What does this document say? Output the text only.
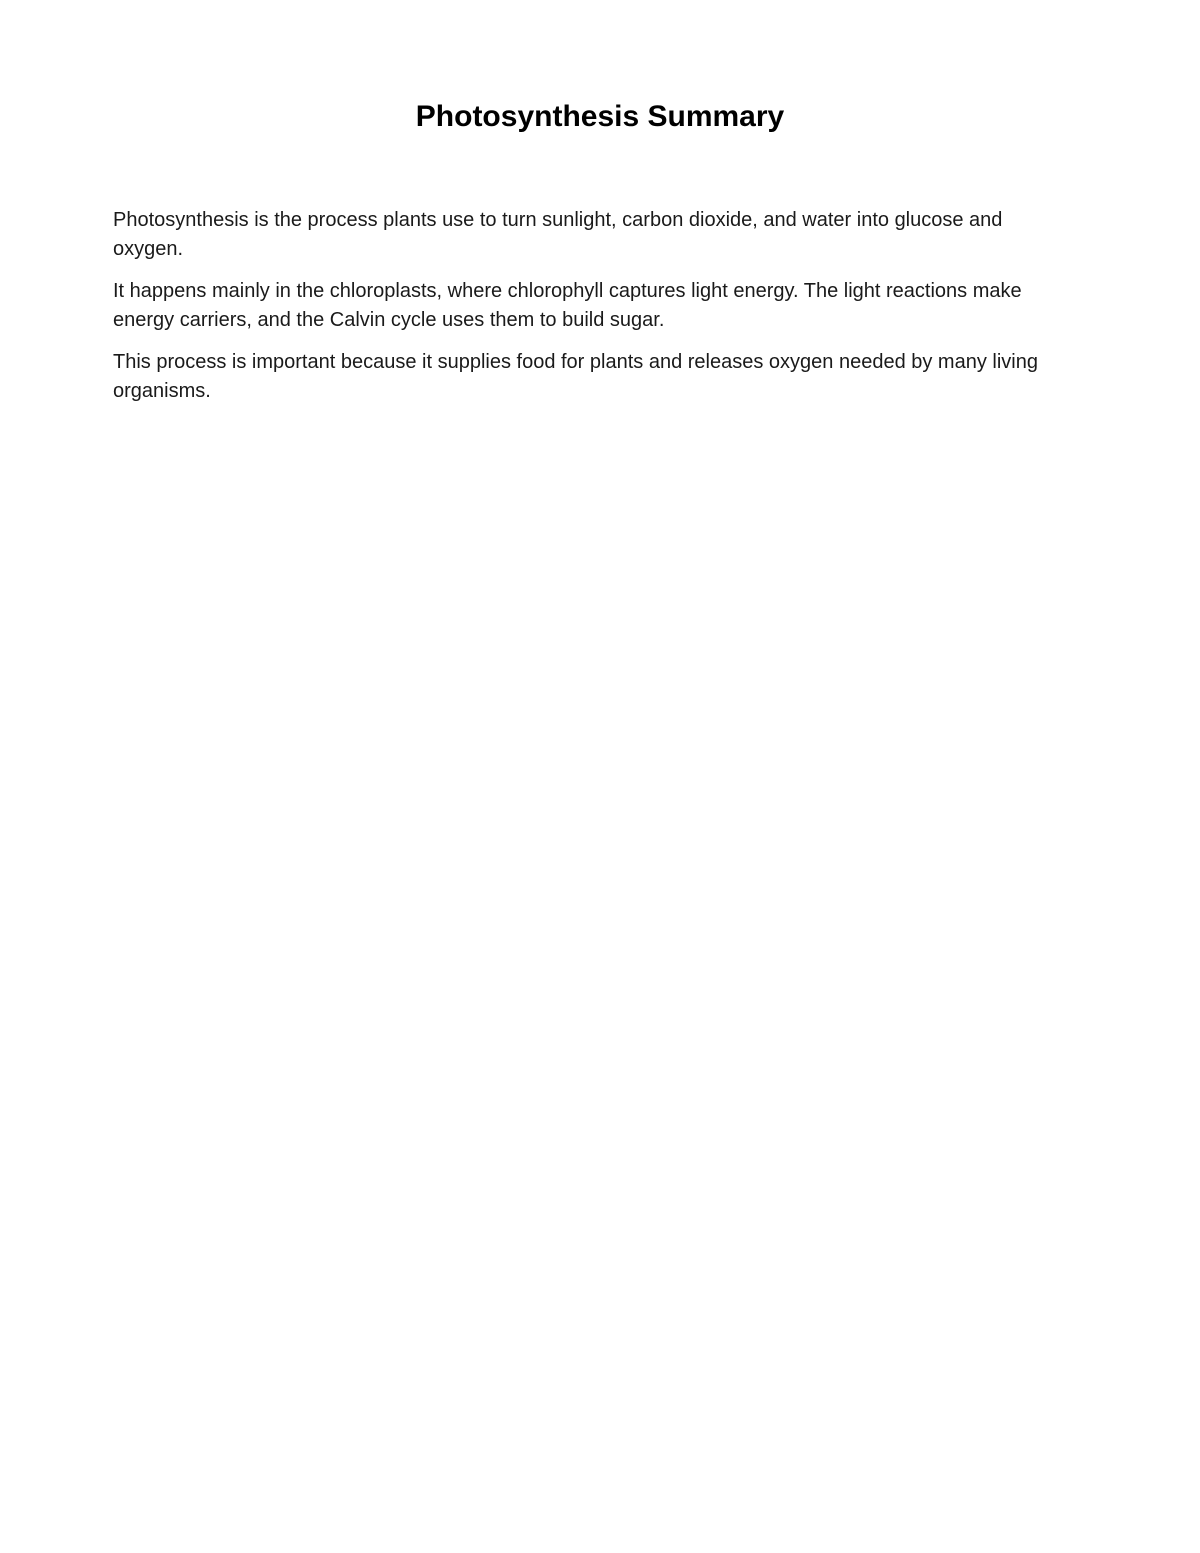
Photosynthesis Summary

Photosynthesis is the process plants use to turn sunlight, carbon dioxide, and water into glucose and oxygen.

It happens mainly in the chloroplasts, where chlorophyll captures light energy. The light reactions make energy carriers, and the Calvin cycle uses them to build sugar.

This process is important because it supplies food for plants and releases oxygen needed by many living organisms.
